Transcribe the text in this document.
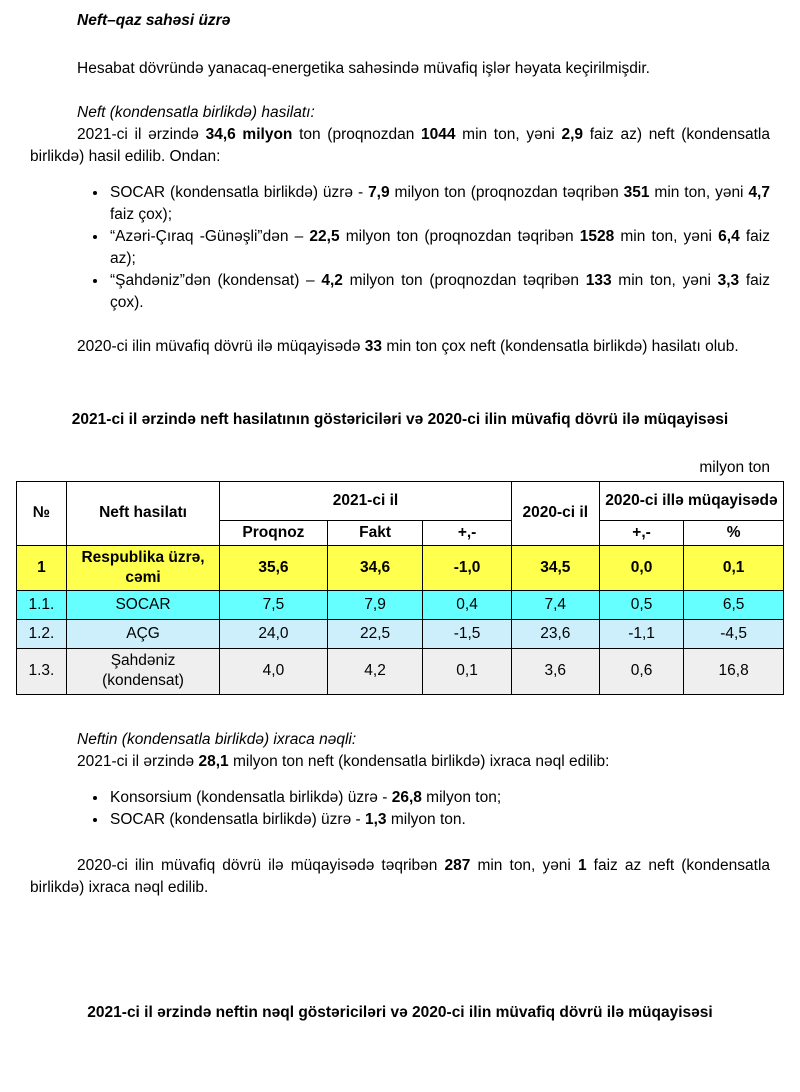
Neft–qaz sahəsi üzrə

Hesabat dövründə yanacaq-energetika sahəsində müvafiq işlər həyata keçirilmişdir.

Neft (kondensatla birlikdə) hasilatı:

2021-ci il ərzində 34,6 milyon ton (proqnozdan 1044 min ton, yəni 2,9 faiz az) neft (kondensatla birlikdə) hasil edilib. Ondan:

• SOCAR (kondensatla birlikdə) üzrə - 7,9 milyon ton (proqnozdan təqribən 351 min ton, yəni 4,7 faiz çox);
• “Azəri-Çıraq -Günəşli”dən – 22,5 milyon ton (proqnozdan təqribən 1528 min ton, yəni 6,4 faiz az);
• “Şahdəniz”dən (kondensat) – 4,2 milyon ton (proqnozdan təqribən 133 min ton, yəni 3,3 faiz çox).

2020-ci ilin müvafiq dövrü ilə müqayisədə 33 min ton çox neft (kondensatla birlikdə) hasilatı olub.

2021-ci il ərzində neft hasilatının göstəriciləri və 2020-ci ilin müvafiq dövrü ilə müqayisəsi
milyon ton
№	Neft hasilatı	2021-ci il			2020-ci il	2020-ci illə müqayisədə	
		Proqnoz	Fakt	+,-		+,-	%
1	Respublika üzrə, cəmi	35,6	34,6	-1,0	34,5	0,0	0,1
1.1.	SOCAR	7,5	7,9	0,4	7,4	0,5	6,5
1.2.	AÇG	24,0	22,5	-1,5	23,6	-1,1	-4,5
1.3.	Şahdəniz (kondensat)	4,0	4,2	0,1	3,6	0,6	16,8

Neftin (kondensatla birlikdə) ixraca nəqli:

2021-ci il ərzində 28,1 milyon ton neft (kondensatla birlikdə) ixraca nəql edilib:

• Konsorsium (kondensatla birlikdə) üzrə - 26,8 milyon ton;
• SOCAR (kondensatla birlikdə) üzrə - 1,3 milyon ton.

2020-ci ilin müvafiq dövrü ilə müqayisədə təqribən 287 min ton, yəni 1 faiz az neft (kondensatla birlikdə) ixraca nəql edilib.

2021-ci il ərzində neftin nəql göstəriciləri və 2020-ci ilin müvafiq dövrü ilə müqayisəsi
